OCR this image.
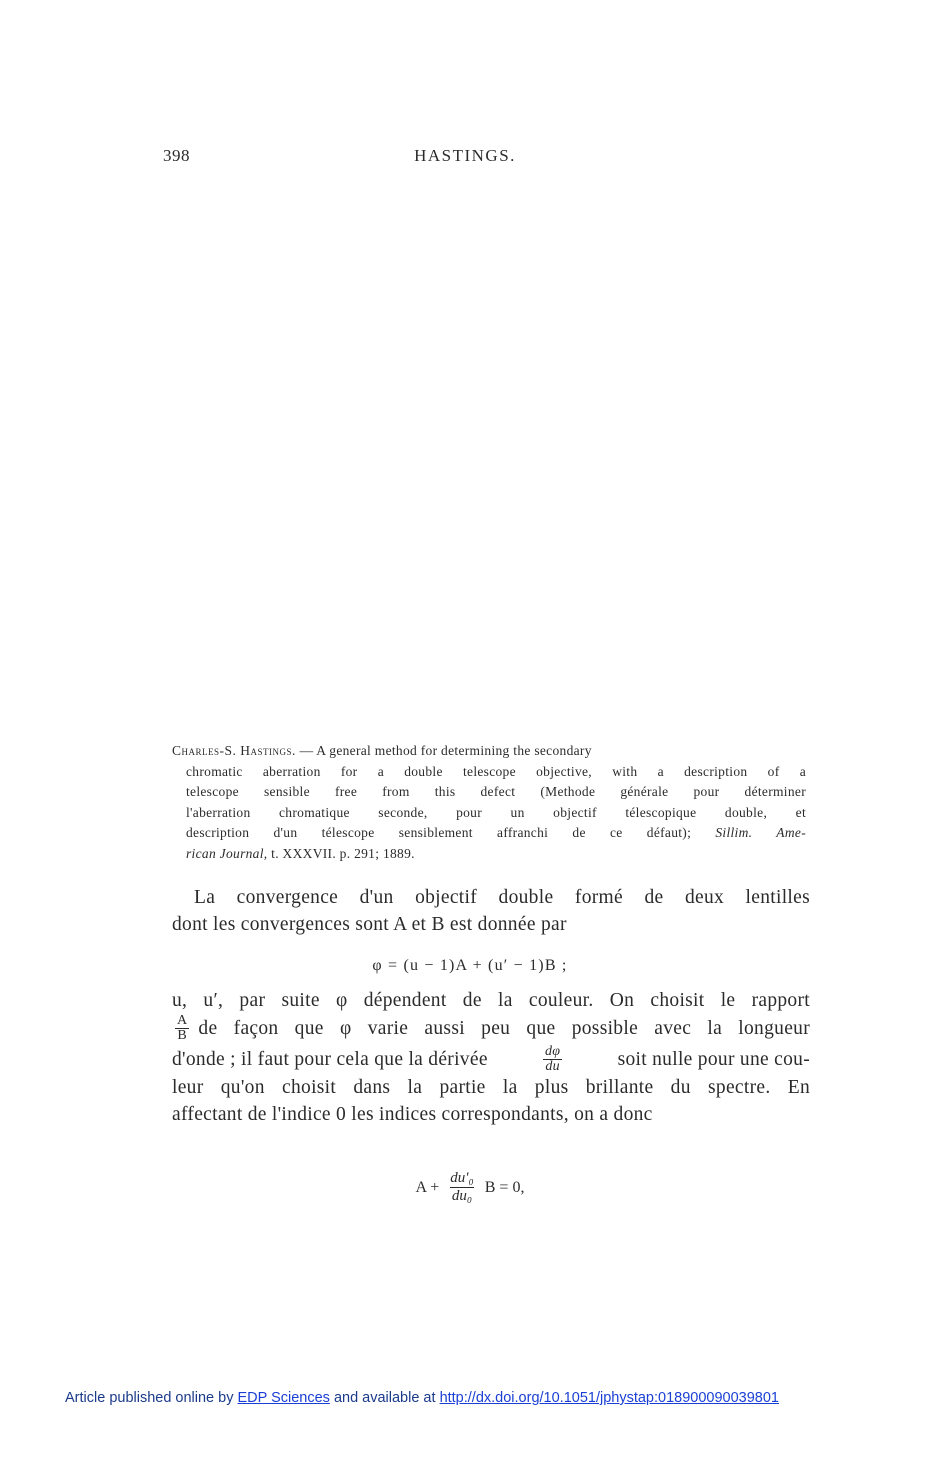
398	HASTINGS.
Charles-S. Hastings. — A general method for determining the secondary
chromatic aberration for a double telescope objective, with a description of a
telescope sensible free from this defect (Methode générale pour déterminer
l'aberration chromatique seconde, pour un objectif télescopique double, et
description d'un télescope sensiblement affranchi de ce défaut); Sillim. Ame-
rican Journal, t. XXXVII. p. 291; 1889.
La convergence d'un objectif double formé de deux lentilles
dont les convergences sont A et B est donnée par
φ = (u − 1)A + (u′ − 1)B ;
u, u′, par suite φ dépendent de la couleur. On choisit le rapport
$\frac{A}{B}$ de façon que φ varie aussi peu que possible avec la longueur
d'onde ; il faut pour cela que la dérivée	$\frac{d\varphi}{du}$	soit nulle pour une cou-
leur qu'on choisit dans la partie la plus brillante du spectre. En
affectant de l'indice 0 les indices correspondants, on a donc
$A + \frac{\text{du′₀}}{\text{du₀}}$ B = 0,
Article published online by EDP Sciences and available at http://dx.doi.org/10.1051/jphystap:018900090039801
